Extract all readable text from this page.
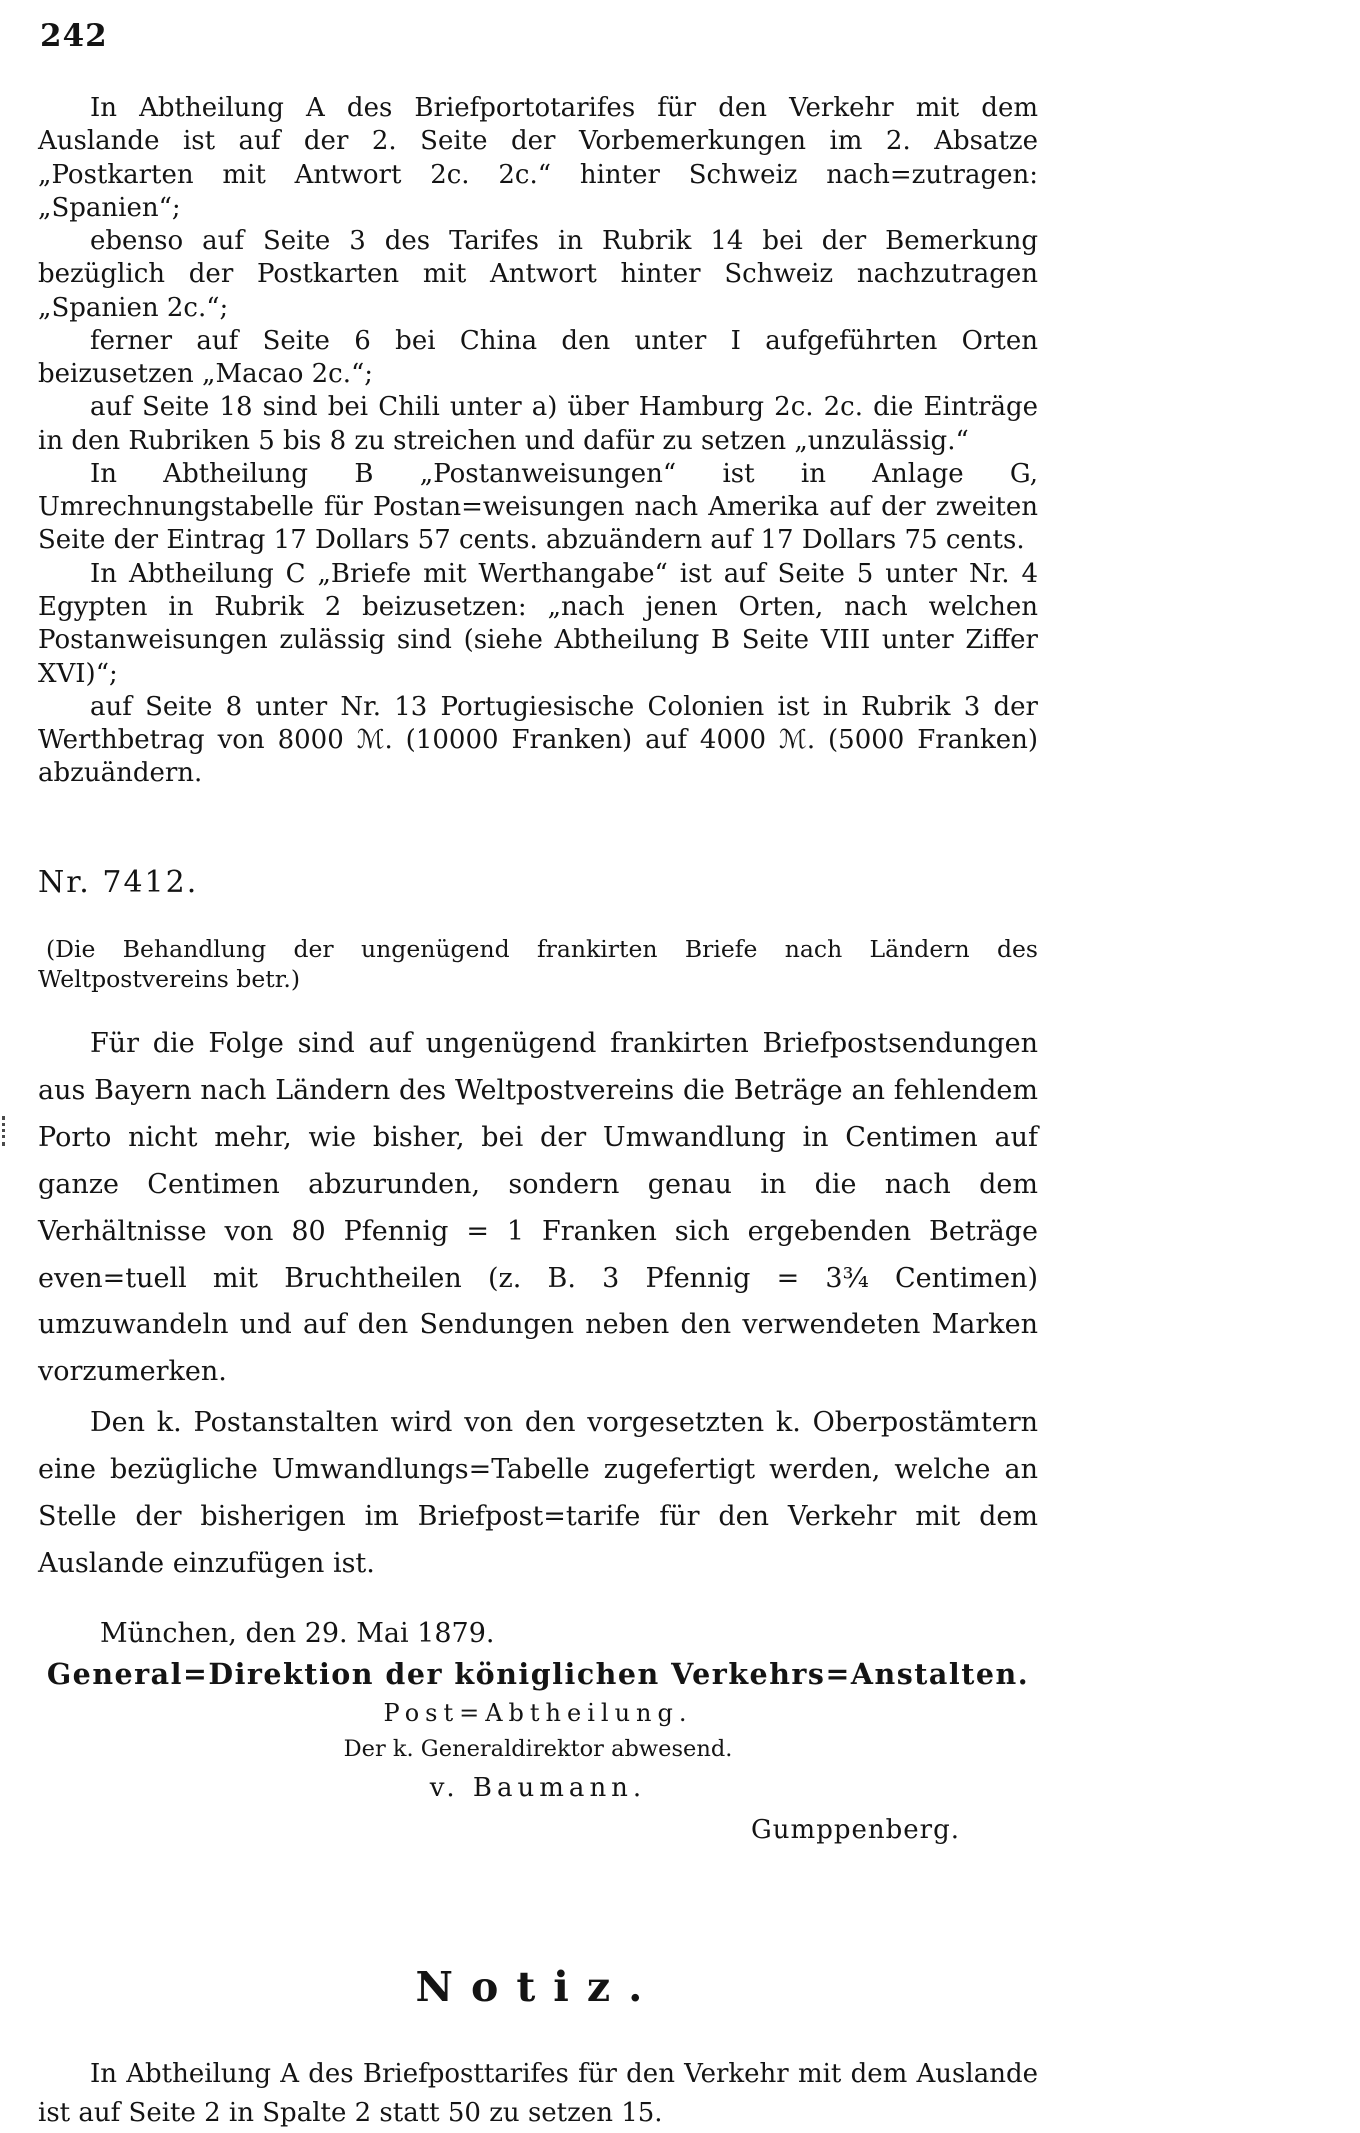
242

In Abtheilung A des Briefportotarifes für den Verkehr mit dem Auslande ist auf der 2. Seite der Vorbemerkungen im 2. Absatze „Postkarten mit Antwort 2c. 2c.“ hinter Schweiz nach=zutragen: „Spanien“;

ebenso auf Seite 3 des Tarifes in Rubrik 14 bei der Bemerkung bezüglich der Postkarten mit Antwort hinter Schweiz nachzutragen „Spanien 2c.“;

ferner auf Seite 6 bei China den unter I aufgeführten Orten beizusetzen „Macao 2c.“;

auf Seite 18 sind bei Chili unter a) über Hamburg 2c. 2c. die Einträge in den Rubriken 5 bis 8 zu streichen und dafür zu setzen „unzulässig.“

In Abtheilung B „Postanweisungen“ ist in Anlage G, Umrechnungstabelle für Postan=weisungen nach Amerika auf der zweiten Seite der Eintrag 17 Dollars 57 cents. abzuändern auf 17 Dollars 75 cents.

In Abtheilung C „Briefe mit Werthangabe“ ist auf Seite 5 unter Nr. 4 Egypten in Rubrik 2 beizusetzen: „nach jenen Orten, nach welchen Postanweisungen zulässig sind (siehe Abtheilung B Seite VIII unter Ziffer XVI)“;

auf Seite 8 unter Nr. 13 Portugiesische Colonien ist in Rubrik 3 der Werthbetrag von 8000 ℳ. (10000 Franken) auf 4000 ℳ. (5000 Franken) abzuändern.

Nr. 7412.

(Die Behandlung der ungenügend frankirten Briefe nach Ländern des Weltpostvereins betr.)

Für die Folge sind auf ungenügend frankirten Briefpostsendungen aus Bayern nach Ländern des Weltpostvereins die Beträge an fehlendem Porto nicht mehr, wie bisher, bei der Umwandlung in Centimen auf ganze Centimen abzurunden, sondern genau in die nach dem Verhältnisse von 80 Pfennig = 1 Franken sich ergebenden Beträge even=tuell mit Bruchtheilen (z. B. 3 Pfennig = 3¾ Centimen) umzuwandeln und auf den Sendungen neben den verwendeten Marken vorzumerken.

Den k. Postanstalten wird von den vorgesetzten k. Oberpostämtern eine bezügliche Umwandlungs=Tabelle zugefertigt werden, welche an Stelle der bisherigen im Briefpost=tarife für den Verkehr mit dem Auslande einzufügen ist.

München, den 29. Mai 1879.

General=Direktion der königlichen Verkehrs=Anstalten.
Post=Abtheilung.
Der k. Generaldirektor abwesend.
v. Baumann.
Gumppenberg.
Notiz.

In Abtheilung A des Briefposttarifes für den Verkehr mit dem Auslande ist auf Seite 2 in Spalte 2 statt 50 zu setzen 15.
